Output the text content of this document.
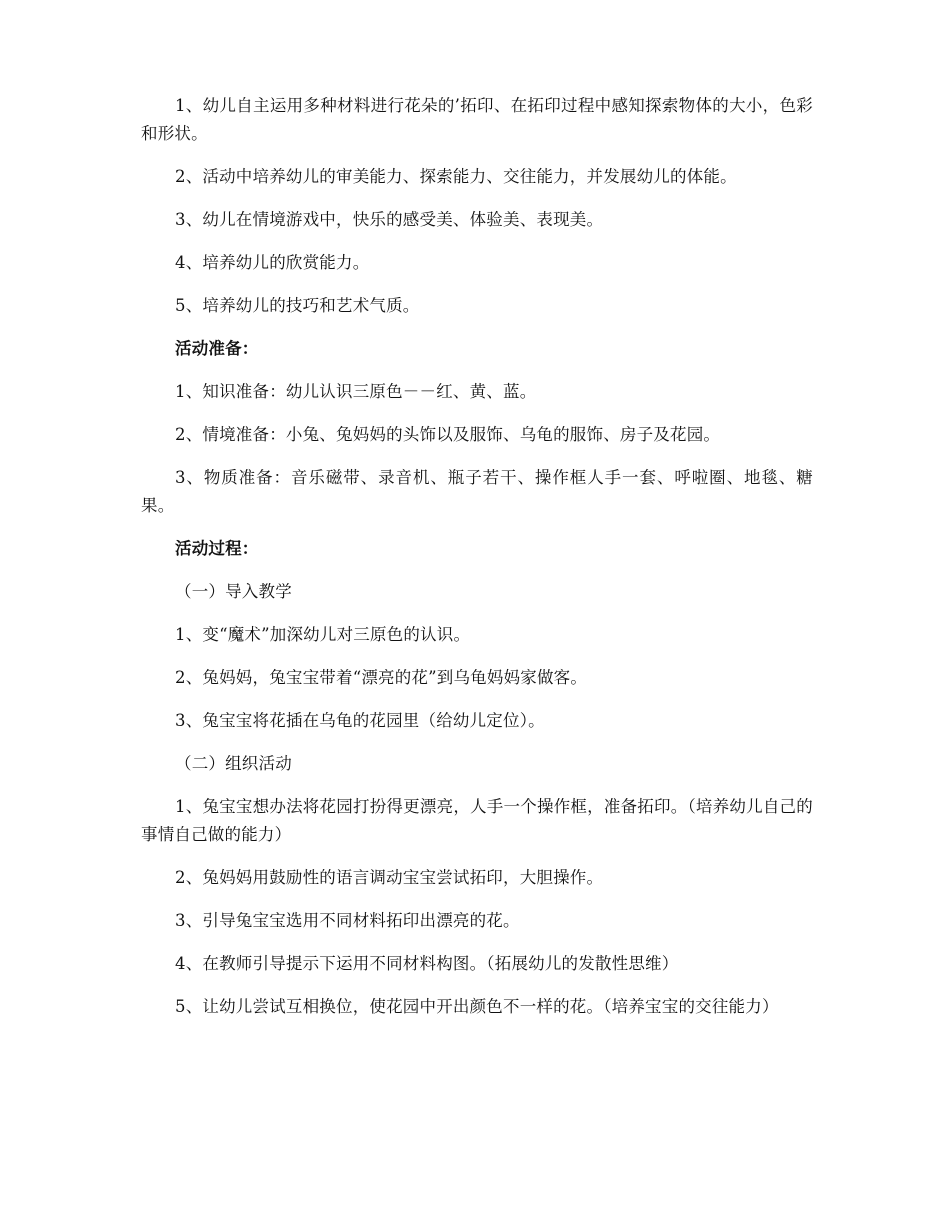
1、幼儿自主运用多种材料进行花朵的’拓印、在拓印过程中感知探索物体的大小，色彩和形状。

2、活动中培养幼儿的审美能力、探索能力、交往能力，并发展幼儿的体能。

3、幼儿在情境游戏中，快乐的感受美、体验美、表现美。

4、培养幼儿的欣赏能力。

5、培养幼儿的技巧和艺术气质。

活动准备：

1、知识准备：幼儿认识三原色－－红、黄、蓝。

2、情境准备：小兔、兔妈妈的头饰以及服饰、乌龟的服饰、房子及花园。

3、物质准备：音乐磁带、录音机、瓶子若干、操作框人手一套、呼啦圈、地毯、糖果。

活动过程：

（一）导入教学

1、变“魔术”加深幼儿对三原色的认识。

2、兔妈妈，兔宝宝带着“漂亮的花”到乌龟妈妈家做客。

3、兔宝宝将花插在乌龟的花园里（给幼儿定位）。

（二）组织活动

1、兔宝宝想办法将花园打扮得更漂亮，人手一个操作框，准备拓印。（培养幼儿自己的事情自己做的能力）

2、兔妈妈用鼓励性的语言调动宝宝尝试拓印，大胆操作。

3、引导兔宝宝选用不同材料拓印出漂亮的花。

4、在教师引导提示下运用不同材料构图。（拓展幼儿的发散性思维）

5、让幼儿尝试互相换位，使花园中开出颜色不一样的花。（培养宝宝的交往能力）
